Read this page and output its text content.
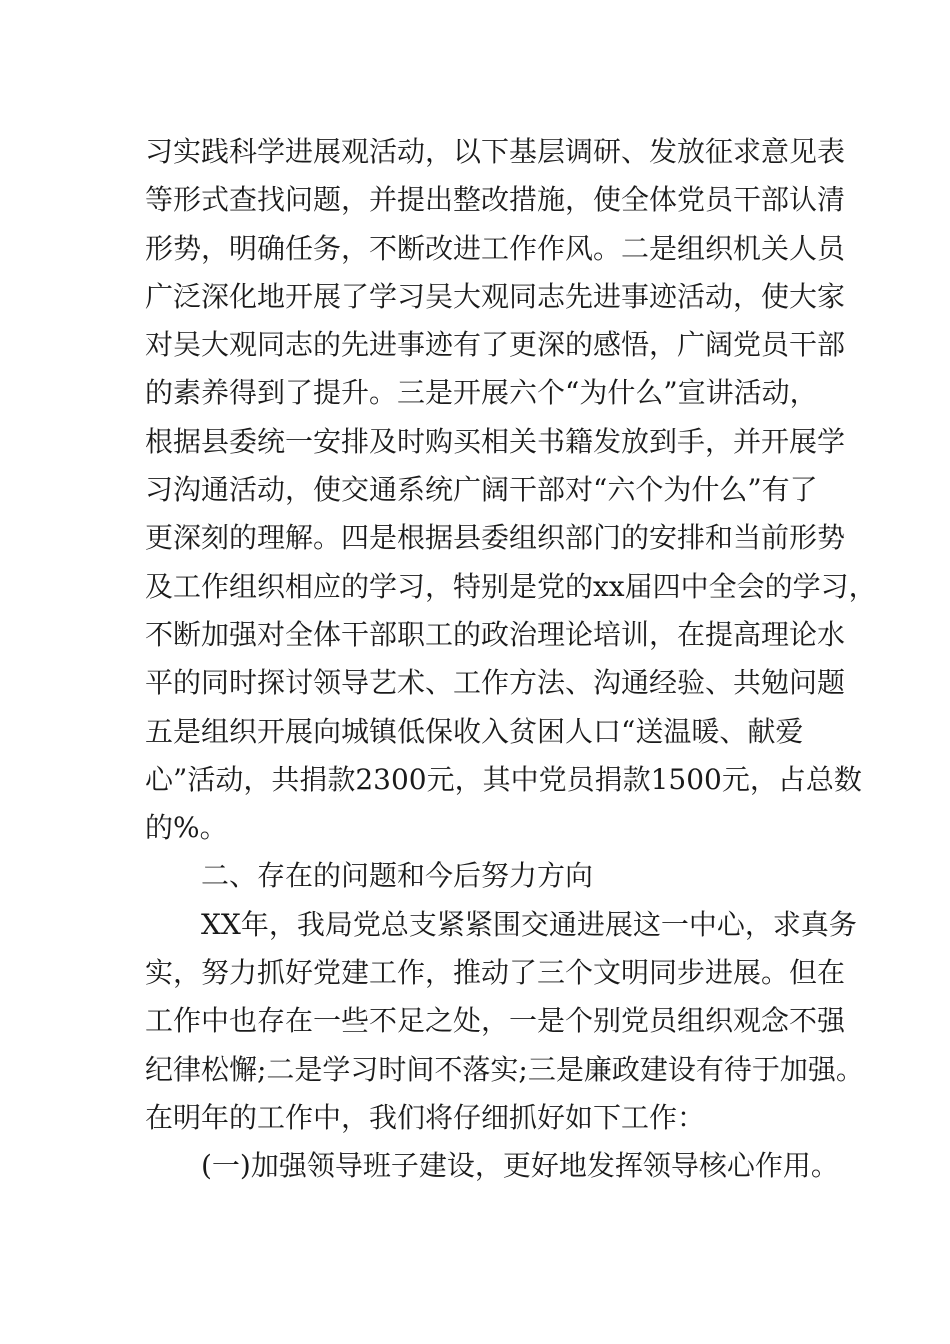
习实践科学进展观活动，以下基层调研、发放征求意见表
等形式查找问题，并提出整改措施，使全体党员干部认清
形势，明确任务，不断改进工作作风。二是组织机关人员
广泛深化地开展了学习吴大观同志先进事迹活动，使大家
对吴大观同志的先进事迹有了更深的感悟，广阔党员干部
的素养得到了提升。三是开展六个“为什么”宣讲活动，
根据县委统一安排及时购买相关书籍发放到手，并开展学
习沟通活动，使交通系统广阔干部对“六个为什么”有了
更深刻的理解。四是根据县委组织部门的安排和当前形势
及工作组织相应的学习，特别是党的xx届四中全会的学习，
不断加强对全体干部职工的政治理论培训，在提高理论水
平的同时探讨领导艺术、工作方法、沟通经验、共勉问题
五是组织开展向城镇低保收入贫困人口“送温暖、献爱
心”活动，共捐款2300元，其中党员捐款1500元，占总数
的%。
二、存在的问题和今后努力方向
XX年，我局党总支紧紧围交通进展这一中心，求真务
实，努力抓好党建工作，推动了三个文明同步进展。但在
工作中也存在一些不足之处，一是个别党员组织观念不强
纪律松懈;二是学习时间不落实;三是廉政建设有待于加强。
在明年的工作中，我们将仔细抓好如下工作：
(一)加强领导班子建设，更好地发挥领导核心作用。
